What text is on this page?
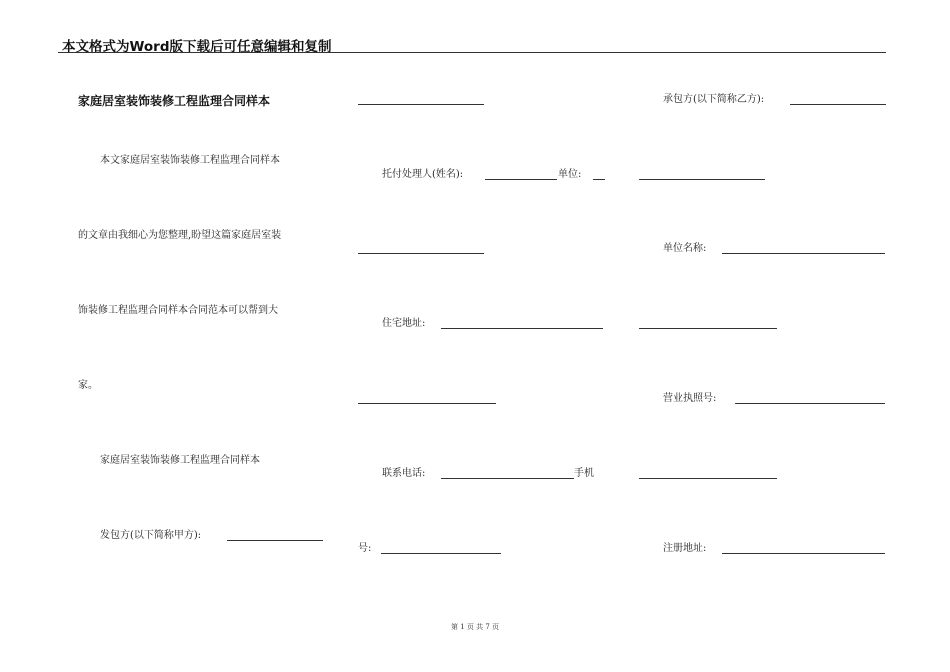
本文格式为Word版下载后可任意编辑和复制
家庭居室装饰装修工程监理合同样本
本文家庭居室装饰装修工程监理合同样本
的文章由我细心为您整理,盼望这篇家庭居室装
饰装修工程监理合同样本合同范本可以帮到大
家。
家庭居室装饰装修工程监理合同样本
发包方(以下简称甲方):
托付处理人(姓名):	单位:
住宅地址:
联系电话:	手机
号:
承包方(以下简称乙方):
单位名称:
营业执照号:
注册地址:
第 1 页 共 7 页
